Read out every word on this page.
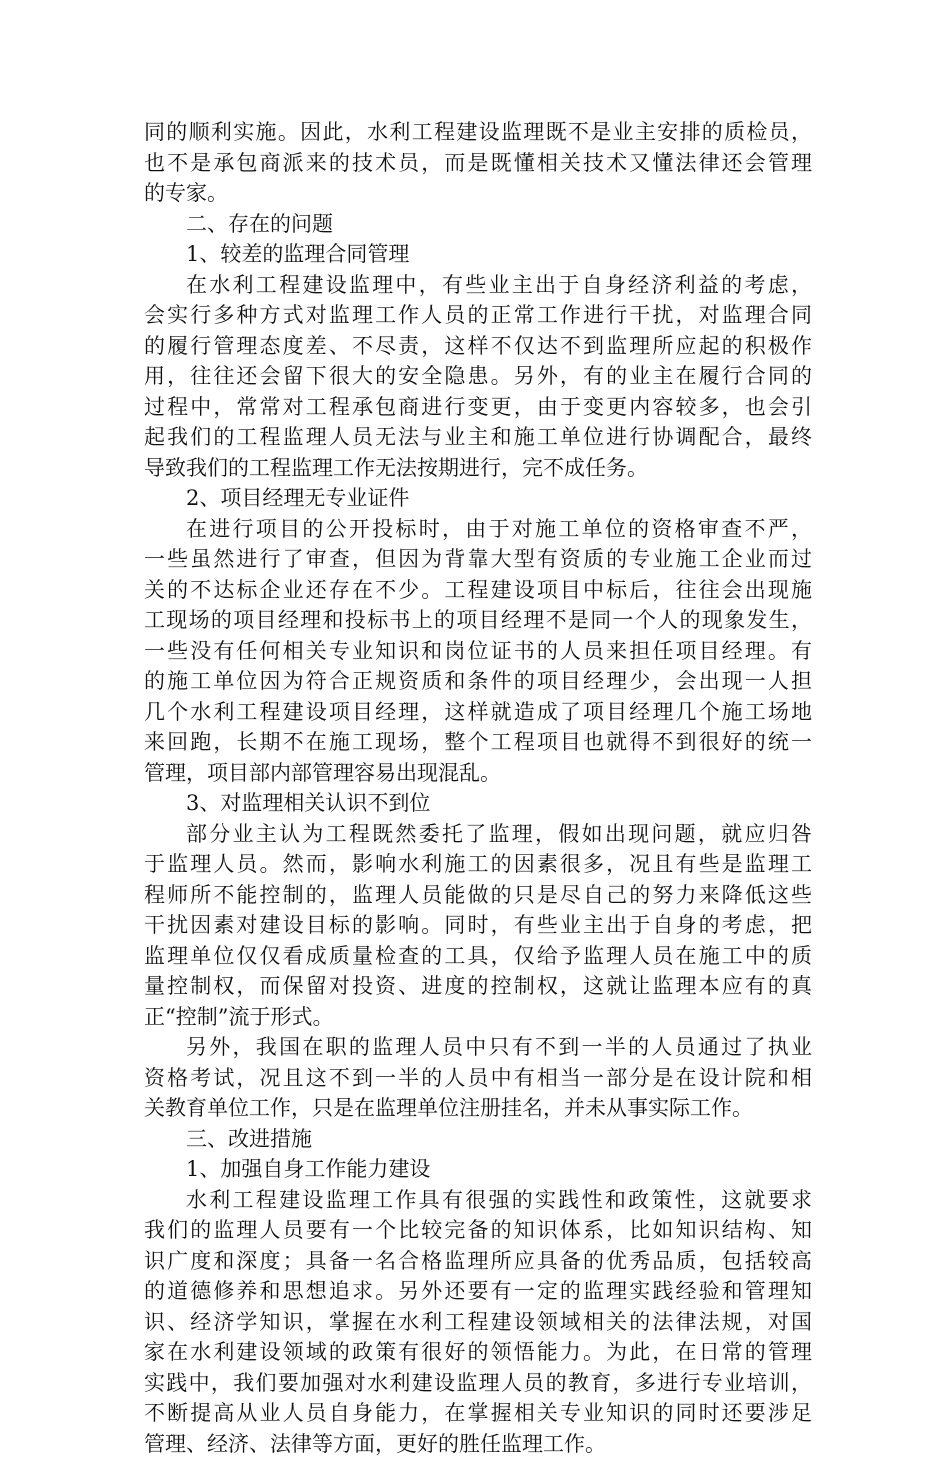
同的顺利实施。因此，水利工程建设监理既不是业主安排的质检员，
也不是承包商派来的技术员，而是既懂相关技术又懂法律还会管理
的专家。
二、存在的问题
1、较差的监理合同管理
在水利工程建设监理中，有些业主出于自身经济利益的考虑，
会实行多种方式对监理工作人员的正常工作进行干扰，对监理合同
的履行管理态度差、不尽责，这样不仅达不到监理所应起的积极作
用，往往还会留下很大的安全隐患。另外，有的业主在履行合同的
过程中，常常对工程承包商进行变更，由于变更内容较多，也会引
起我们的工程监理人员无法与业主和施工单位进行协调配合，最终
导致我们的工程监理工作无法按期进行，完不成任务。
2、项目经理无专业证件
在进行项目的公开投标时，由于对施工单位的资格审查不严，
一些虽然进行了审查，但因为背靠大型有资质的专业施工企业而过
关的不达标企业还存在不少。工程建设项目中标后，往往会出现施
工现场的项目经理和投标书上的项目经理不是同一个人的现象发生，
一些没有任何相关专业知识和岗位证书的人员来担任项目经理。有
的施工单位因为符合正规资质和条件的项目经理少，会出现一人担
几个水利工程建设项目经理，这样就造成了项目经理几个施工场地
来回跑，长期不在施工现场，整个工程项目也就得不到很好的统一
管理，项目部内部管理容易出现混乱。
3、对监理相关认识不到位
部分业主认为工程既然委托了监理，假如出现问题，就应归咎
于监理人员。然而，影响水利施工的因素很多，况且有些是监理工
程师所不能控制的，监理人员能做的只是尽自己的努力来降低这些
干扰因素对建设目标的影响。同时，有些业主出于自身的考虑，把
监理单位仅仅看成质量检查的工具，仅给予监理人员在施工中的质
量控制权，而保留对投资、进度的控制权，这就让监理本应有的真
正“控制”流于形式。
另外，我国在职的监理人员中只有不到一半的人员通过了执业
资格考试，况且这不到一半的人员中有相当一部分是在设计院和相
关教育单位工作，只是在监理单位注册挂名，并未从事实际工作。
三、改进措施
1、加强自身工作能力建设
水利工程建设监理工作具有很强的实践性和政策性，这就要求
我们的监理人员要有一个比较完备的知识体系，比如知识结构、知
识广度和深度；具备一名合格监理所应具备的优秀品质，包括较高
的道德修养和思想追求。另外还要有一定的监理实践经验和管理知
识、经济学知识，掌握在水利工程建设领域相关的法律法规，对国
家在水利建设领域的政策有很好的领悟能力。为此，在日常的管理
实践中，我们要加强对水利建设监理人员的教育，多进行专业培训，
不断提高从业人员自身能力，在掌握相关专业知识的同时还要涉足
管理、经济、法律等方面，更好的胜任监理工作。
